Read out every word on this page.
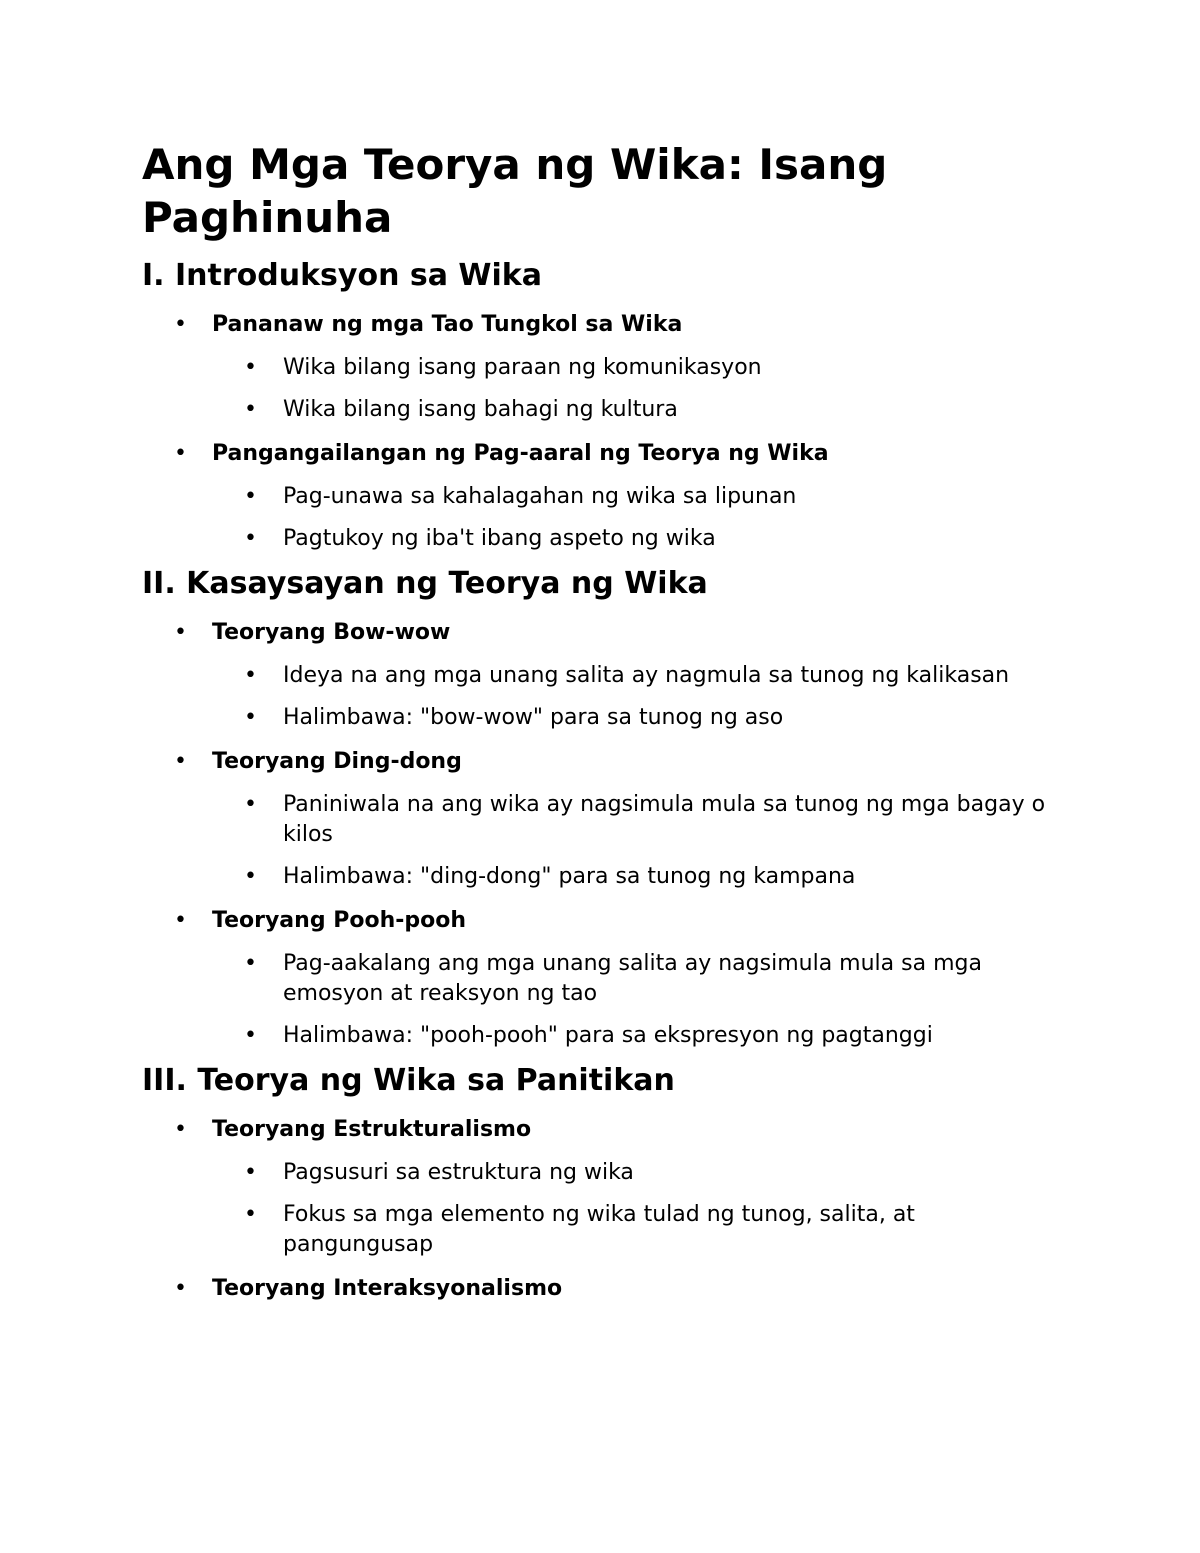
Ang Mga Teorya ng Wika: Isang Paghinuha
I. Introduksyon sa Wika
• Pananaw ng mga Tao Tungkol sa Wika
• Wika bilang isang paraan ng komunikasyon
• Wika bilang isang bahagi ng kultura
• Pangangailangan ng Pag-aaral ng Teorya ng Wika
• Pag-unawa sa kahalagahan ng wika sa lipunan
• Pagtukoy ng iba't ibang aspeto ng wika
II. Kasaysayan ng Teorya ng Wika
• Teoryang Bow-wow
• Ideya na ang mga unang salita ay nagmula sa tunog ng kalikasan
• Halimbawa: "bow-wow" para sa tunog ng aso
• Teoryang Ding-dong
• Paniniwala na ang wika ay nagsimula mula sa tunog ng mga bagay o kilos
• Halimbawa: "ding-dong" para sa tunog ng kampana
• Teoryang Pooh-pooh
• Pag-aakalang ang mga unang salita ay nagsimula mula sa mga emosyon at reaksyon ng tao
• Halimbawa: "pooh-pooh" para sa ekspresyon ng pagtanggi
III. Teorya ng Wika sa Panitikan
• Teoryang Estrukturalismo
• Pagsusuri sa estruktura ng wika
• Fokus sa mga elemento ng wika tulad ng tunog, salita, at pangungusap
• Teoryang Interaksyonalismo
